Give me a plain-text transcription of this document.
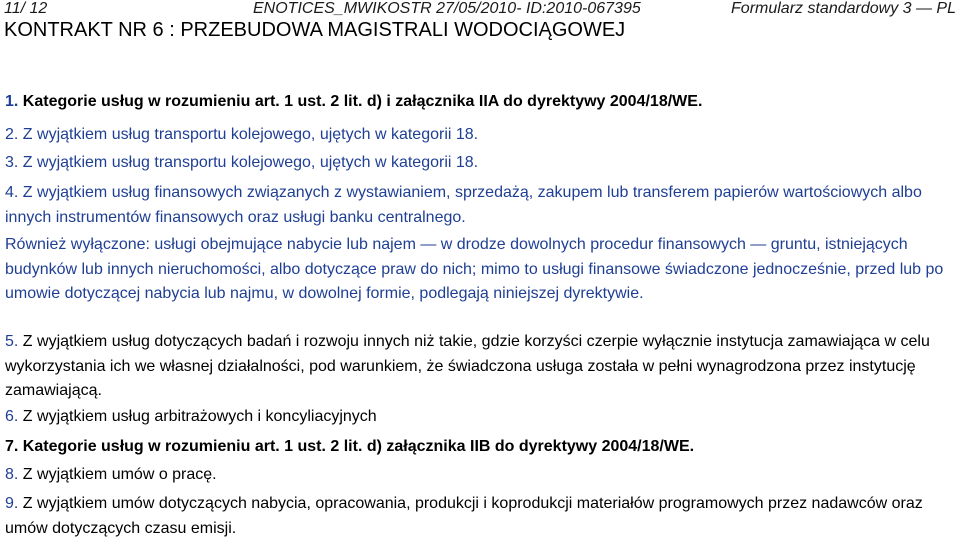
11/ 12	ENOTICES_MWIKOSTR 27/05/2010- ID:2010-067395	Formularz standardowy 3 — PL
KONTRAKT NR 6 : PRZEBUDOWA MAGISTRALI WODOCIĄGOWEJ

1. Kategorie usług w rozumieniu art. 1 ust. 2 lit. d) i załącznika IIA do dyrektywy 2004/18/WE.

2. Z wyjątkiem usług transportu kolejowego, ujętych w kategorii 18.

3. Z wyjątkiem usług transportu kolejowego, ujętych w kategorii 18.

4. Z wyjątkiem usług finansowych związanych z wystawianiem, sprzedażą, zakupem lub transferem papierów wartościowych albo innych instrumentów finansowych oraz usługi banku centralnego.

Również wyłączone: usługi obejmujące nabycie lub najem — w drodze dowolnych procedur finansowych — gruntu, istniejących budynków lub innych nieruchomości, albo dotyczące praw do nich; mimo to usługi finansowe świadczone jednocześnie, przed lub po umowie dotyczącej nabycia lub najmu, w dowolnej formie, podlegają niniejszej dyrektywie.

5. Z wyjątkiem usług dotyczących badań i rozwoju innych niż takie, gdzie korzyści czerpie wyłącznie instytucja zamawiająca w celu wykorzystania ich we własnej działalności, pod warunkiem, że świadczona usługa została w pełni wynagrodzona przez instytucję zamawiającą.

6. Z wyjątkiem usług arbitrażowych i koncyliacyjnych

7. Kategorie usług w rozumieniu art. 1 ust. 2 lit. d) załącznika IIB do dyrektywy 2004/18/WE.

8. Z wyjątkiem umów o pracę.

9. Z wyjątkiem umów dotyczących nabycia, opracowania, produkcji i koprodukcji materiałów programowych przez nadawców oraz umów dotyczących czasu emisji.
